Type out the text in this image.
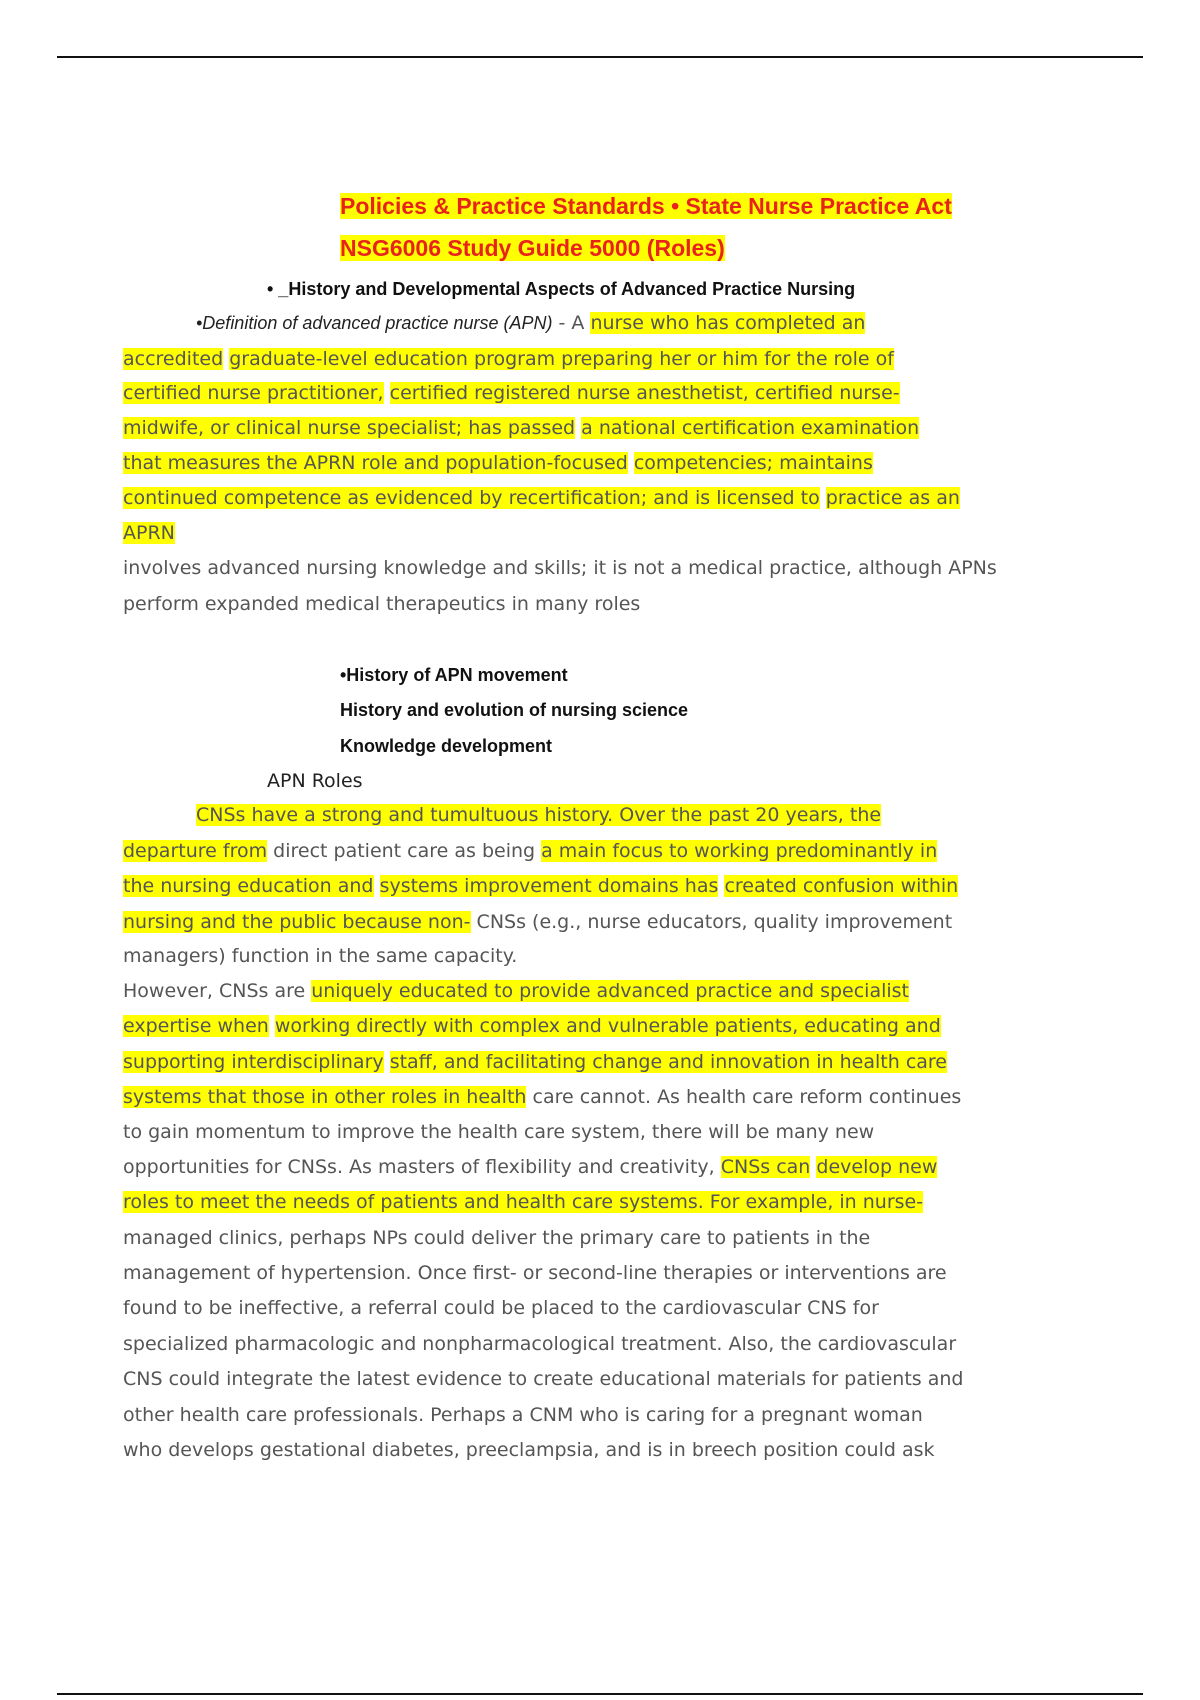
Policies & Practice Standards • State Nurse Practice Act
NSG6006 Study Guide 5000 (Roles)
• _History and Developmental Aspects of Advanced Practice Nursing
•Definition of advanced practice nurse (APN) - A nurse who has completed an
accredited graduate-level education program preparing her or him for the role of
certified nurse practitioner, certified registered nurse anesthetist, certified nurse-
midwife, or clinical nurse specialist; has passed a national certification examination
that measures the APRN role and population-focused competencies; maintains
continued competence as evidenced by recertification; and is licensed to practice as an
APRN
involves advanced nursing knowledge and skills; it is not a medical practice, although APNs
perform expanded medical therapeutics in many roles
•History of APN movement
History and evolution of nursing science
Knowledge development
APN Roles
CNSs have a strong and tumultuous history. Over the past 20 years, the
departure from direct patient care as being a main focus to working predominantly in
the nursing education and systems improvement domains has created confusion within
nursing and the public because non- CNSs (e.g., nurse educators, quality improvement
managers) function in the same capacity.
However, CNSs are uniquely educated to provide advanced practice and specialist
expertise when working directly with complex and vulnerable patients, educating and
supporting interdisciplinary staff, and facilitating change and innovation in health care
systems that those in other roles in health care cannot. As health care reform continues
to gain momentum to improve the health care system, there will be many new
opportunities for CNSs. As masters of flexibility and creativity, CNSs can develop new
roles to meet the needs of patients and health care systems. For example, in nurse-
managed clinics, perhaps NPs could deliver the primary care to patients in the
management of hypertension. Once first- or second-line therapies or interventions are
found to be ineffective, a referral could be placed to the cardiovascular CNS for
specialized pharmacologic and nonpharmacological treatment. Also, the cardiovascular
CNS could integrate the latest evidence to create educational materials for patients and
other health care professionals. Perhaps a CNM who is caring for a pregnant woman
who develops gestational diabetes, preeclampsia, and is in breech position could ask
